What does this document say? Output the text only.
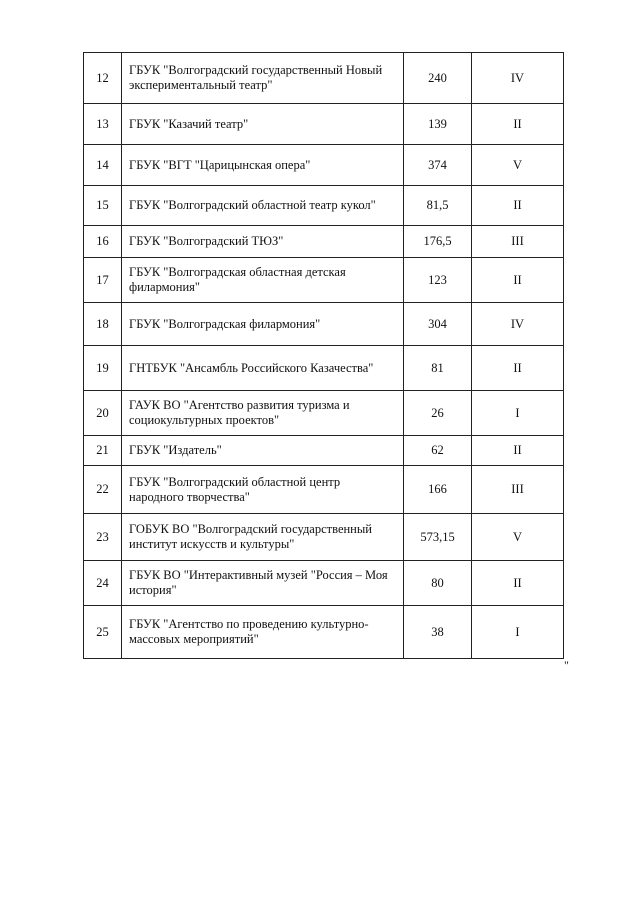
12	ГБУК "Волгоградский государственный Новый экспериментальный театр"	240	IV
13	ГБУК "Казачий театр"	139	II
14	ГБУК "ВГТ "Царицынская опера"	374	V
15	ГБУК "Волгоградский областной театр кукол"	81,5	II
16	ГБУК "Волгоградский ТЮЗ"	176,5	III
17	ГБУК "Волгоградская областная детская филармония"	123	II
18	ГБУК "Волгоградская филармония"	304	IV
19	ГНТБУК "Ансамбль Российского Казачества"	81	II
20	ГАУК ВО "Агентство развития туризма и социокультурных проектов"	26	I
21	ГБУК "Издатель"	62	II
22	ГБУК "Волгоградский областной центр народного творчества"	166	III
23	ГОБУК ВО "Волгоградский государственный институт искусств и культуры"	573,15	V
24	ГБУК ВО "Интерактивный музей "Россия – Моя история"	80	II
25	ГБУК "Агентство по проведению культурно-массовых мероприятий"	38	I
"
